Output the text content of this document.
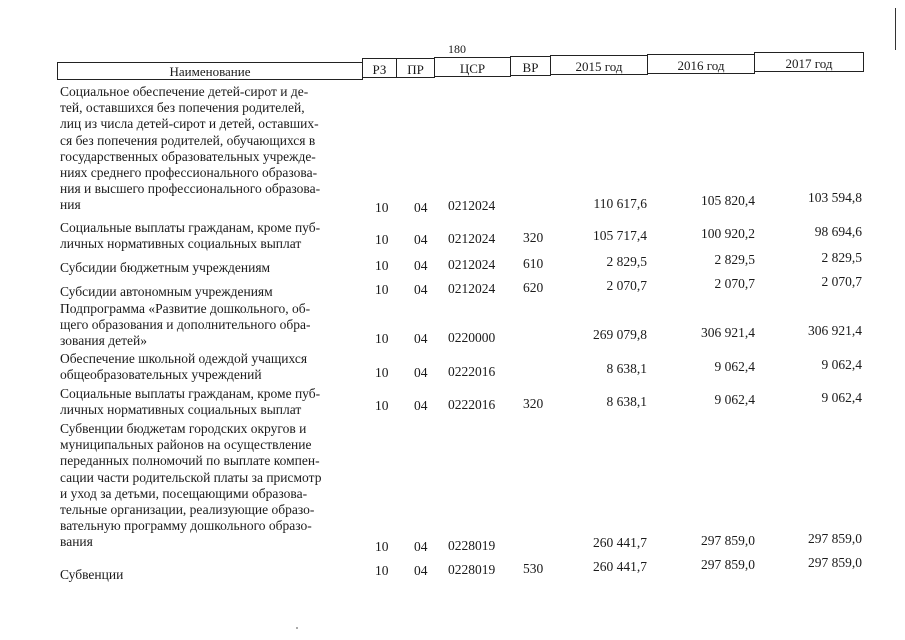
180
Наименование	РЗ	ПР	ЦСР	ВР	2015 год	2016 год	2017 год
Социальное обеспечение детей-сирот и де-
тей, оставшихся без попечения родителей,
лиц из числа детей-сирот и детей, оставших-
ся без попечения родителей, обучающихся в
государственных образовательных учрежде-
ниях среднего профессионального образова-
ния и высшего профессионального образова-
ния	10 04 0212024	110 617,6	105 820,4	103 594,8
Социальные выплаты гражданам, кроме пуб-
личных нормативных социальных выплат	10 04 0212024 320	105 717,4	100 920,2	98 694,6
Субсидии бюджетным учреждениям	10 04 0212024 610	2 829,5	2 829,5	2 829,5
Субсидии автономным учреждениям	10 04 0212024 620	2 070,7	2 070,7	2 070,7
Подпрограмма «Развитие дошкольного, об-
щего образования и дополнительного обра-
зования детей»	10 04 0220000	269 079,8	306 921,4	306 921,4
Обеспечение школьной одеждой учащихся
общеобразовательных учреждений	10 04 0222016	8 638,1	9 062,4	9 062,4
Социальные выплаты гражданам, кроме пуб-
личных нормативных социальных выплат	10 04 0222016 320	8 638,1	9 062,4	9 062,4
Субвенции бюджетам городских округов и
муниципальных районов на осуществление
переданных полномочий по выплате компен-
сации части родительской платы за присмотр
и уход за детьми, посещающими образова-
тельные организации, реализующие образо-
вательную программу дошкольного образо-
вания	10 04 0228019	260 441,7	297 859,0	297 859,0
Субвенции	10 04 0228019 530	260 441,7	297 859,0	297 859,0
